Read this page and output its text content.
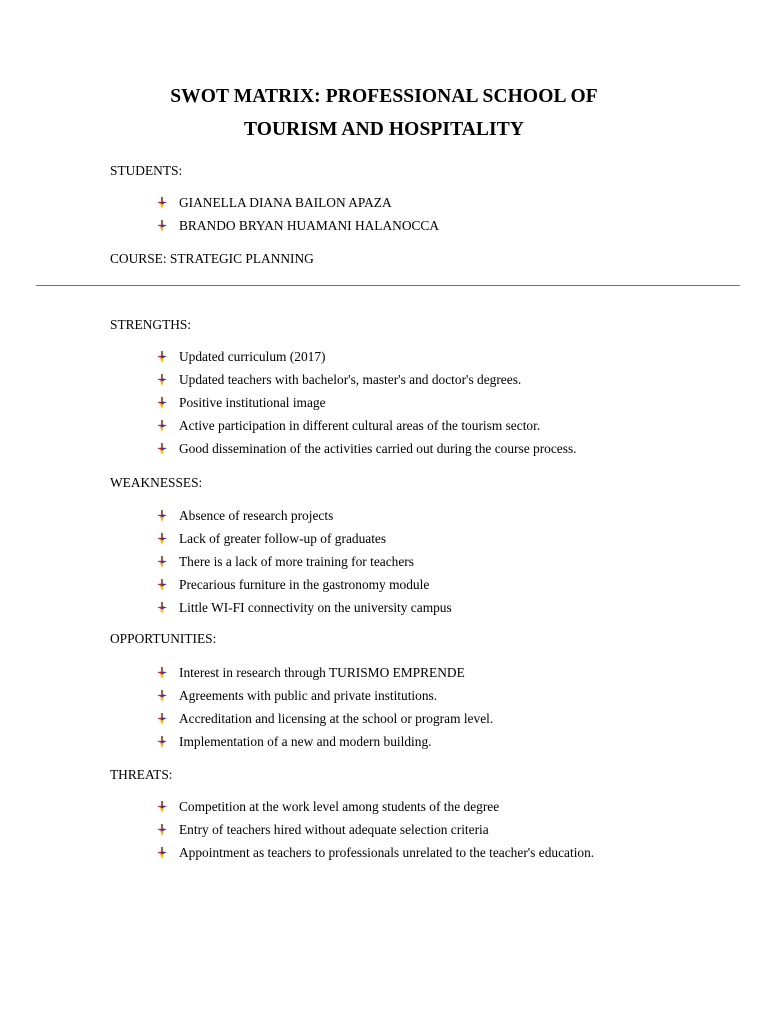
SWOT MATRIX: PROFESSIONAL SCHOOL OF
TOURISM AND HOSPITALITY
STUDENTS:
GIANELLA DIANA BAILON APAZA
BRANDO BRYAN HUAMANI HALANOCCA
COURSE: STRATEGIC PLANNING
STRENGTHS:
Updated curriculum (2017)
Updated teachers with bachelor's, master's and doctor's degrees.
Positive institutional image
Active participation in different cultural areas of the tourism sector.
Good dissemination of the activities carried out during the course process.
WEAKNESSES:
Absence of research projects
Lack of greater follow-up of graduates
There is a lack of more training for teachers
Precarious furniture in the gastronomy module
Little WI-FI connectivity on the university campus
OPPORTUNITIES:
Interest in research through TURISMO EMPRENDE
Agreements with public and private institutions.
Accreditation and licensing at the school or program level.
Implementation of a new and modern building.
THREATS:
Competition at the work level among students of the degree
Entry of teachers hired without adequate selection criteria
Appointment as teachers to professionals unrelated to the teacher's education.
